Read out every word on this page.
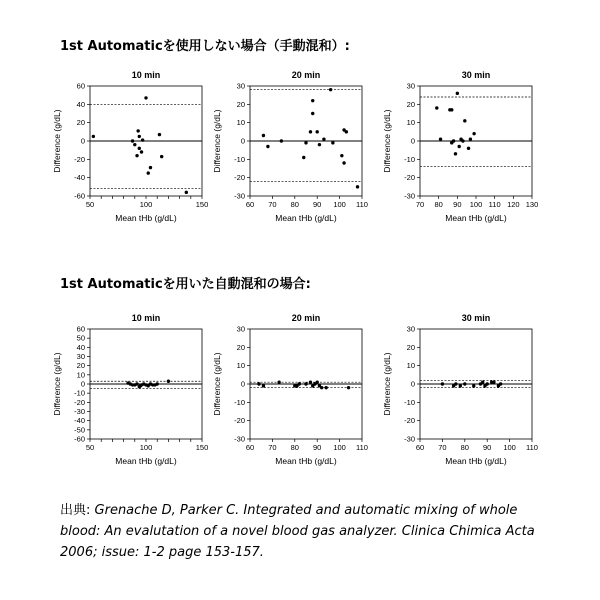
1st Automaticを使用しない場合（手動混和）:
1st Automaticを用いた自動混和の場合:
10 min
50	100	150
-60
-40
-20
0
20
40
60
Mean tHb (g/dL)
Difference (g/dL)
20 min
60 70 80 90 100 110
-30
-20
-10
0
10
20
30
Mean tHb (g/dL)
Difference (g/dL)
30 min
70 80 90 100 110 120 130
-30
-20
-10
0
10
20
30
Mean tHb (g/dL)
Difference (g/dL)
10 min
50	100	150
-60
-50
-40
-30
-20
-10
0
10
20
30
40
50
60
Mean tHb (g/dL)
Difference (g/dL)
20 min
60 70 80 90 100 110
-30
-20
-10
0
10
20
30
Mean tHb (g/dL)
Difference (g/dL)
30 min
60 70 80 90 100 110
-30
-20
-10
0
10
20
30
Mean tHb (g/dL)
Difference (g/dL)
出典: Grenache D, Parker C. Integrated and automatic mixing of whole blood: An evalutation of a novel blood gas analyzer. Clinica Chimica Acta 2006; issue: 1-2 page 153-157.
